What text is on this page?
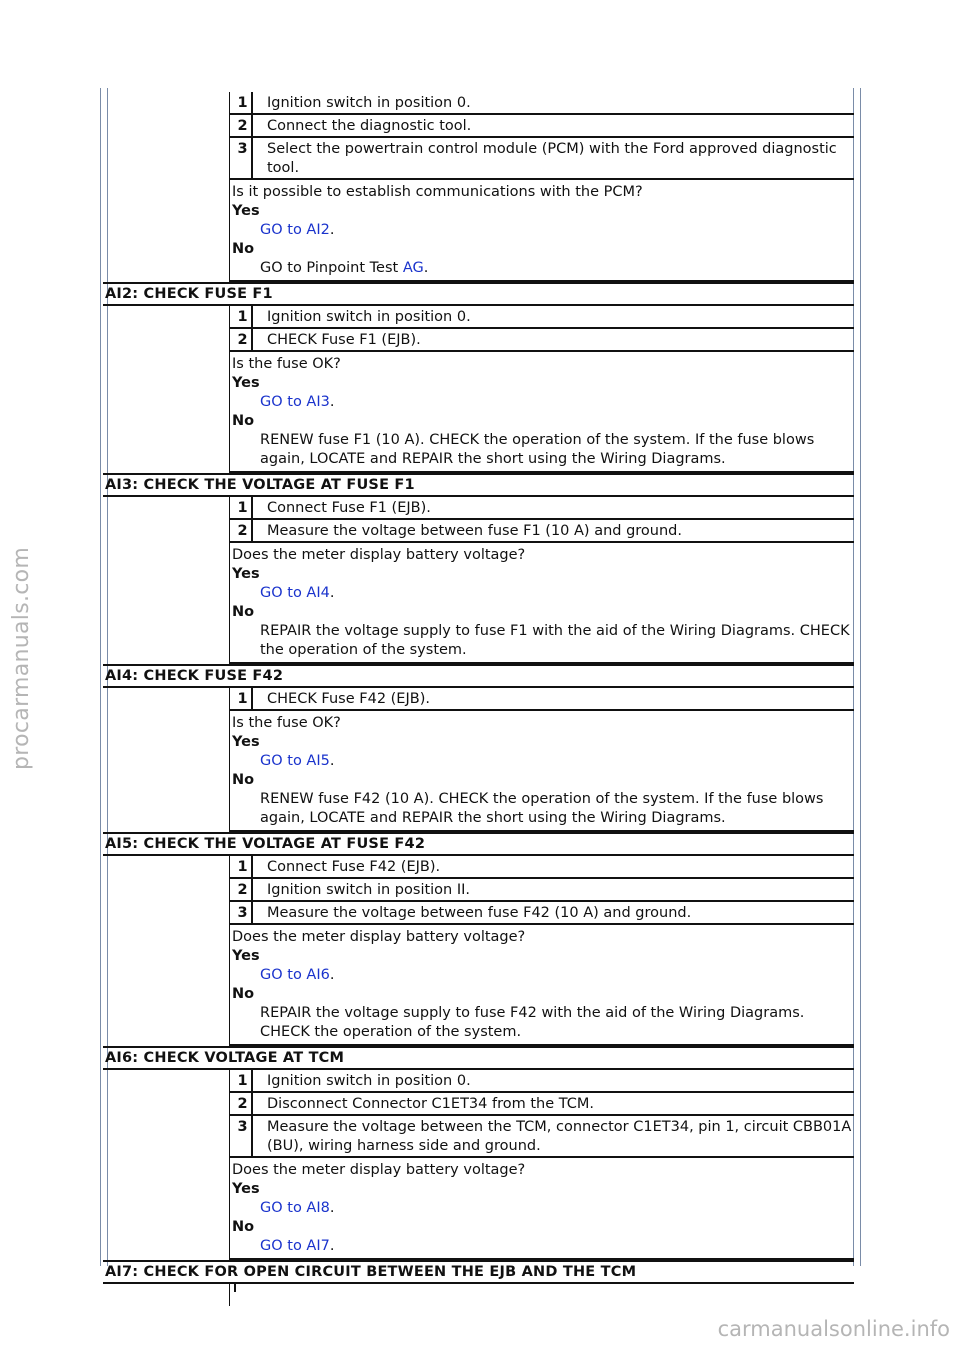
procarmanuals.com
carmanualsonline.info
1	Ignition switch in position 0.
2	Connect the diagnostic tool.
3	Select the powertrain control module (PCM) with the Ford approved diagnostic tool.
Is it possible to establish communications with the PCM?
Yes
GO to AI2.
No
GO to Pinpoint Test AG.
AI2: CHECK FUSE F1
1	Ignition switch in position 0.
2	CHECK Fuse F1 (EJB).
Is the fuse OK?
Yes
GO to AI3.
No
RENEW fuse F1 (10 A). CHECK the operation of the system. If the fuse blows again, LOCATE and REPAIR the short using the Wiring Diagrams.
AI3: CHECK THE VOLTAGE AT FUSE F1
1	Connect Fuse F1 (EJB).
2	Measure the voltage between fuse F1 (10 A) and ground.
Does the meter display battery voltage?
Yes
GO to AI4.
No
REPAIR the voltage supply to fuse F1 with the aid of the Wiring Diagrams. CHECK the operation of the system.
AI4: CHECK FUSE F42
1	CHECK Fuse F42 (EJB).
Is the fuse OK?
Yes
GO to AI5.
No
RENEW fuse F42 (10 A). CHECK the operation of the system. If the fuse blows again, LOCATE and REPAIR the short using the Wiring Diagrams.
AI5: CHECK THE VOLTAGE AT FUSE F42
1	Connect Fuse F42 (EJB).
2	Ignition switch in position II.
3	Measure the voltage between fuse F42 (10 A) and ground.
Does the meter display battery voltage?
Yes
GO to AI6.
No
REPAIR the voltage supply to fuse F42 with the aid of the Wiring Diagrams. CHECK the operation of the system.
AI6: CHECK VOLTAGE AT TCM
1	Ignition switch in position 0.
2	Disconnect Connector C1ET34 from the TCM.
3	Measure the voltage between the TCM, connector C1ET34, pin 1, circuit CBB01A (BU), wiring harness side and ground.
Does the meter display battery voltage?
Yes
GO to AI8.
No
GO to AI7.
AI7: CHECK FOR OPEN CIRCUIT BETWEEN THE EJB AND THE TCM
